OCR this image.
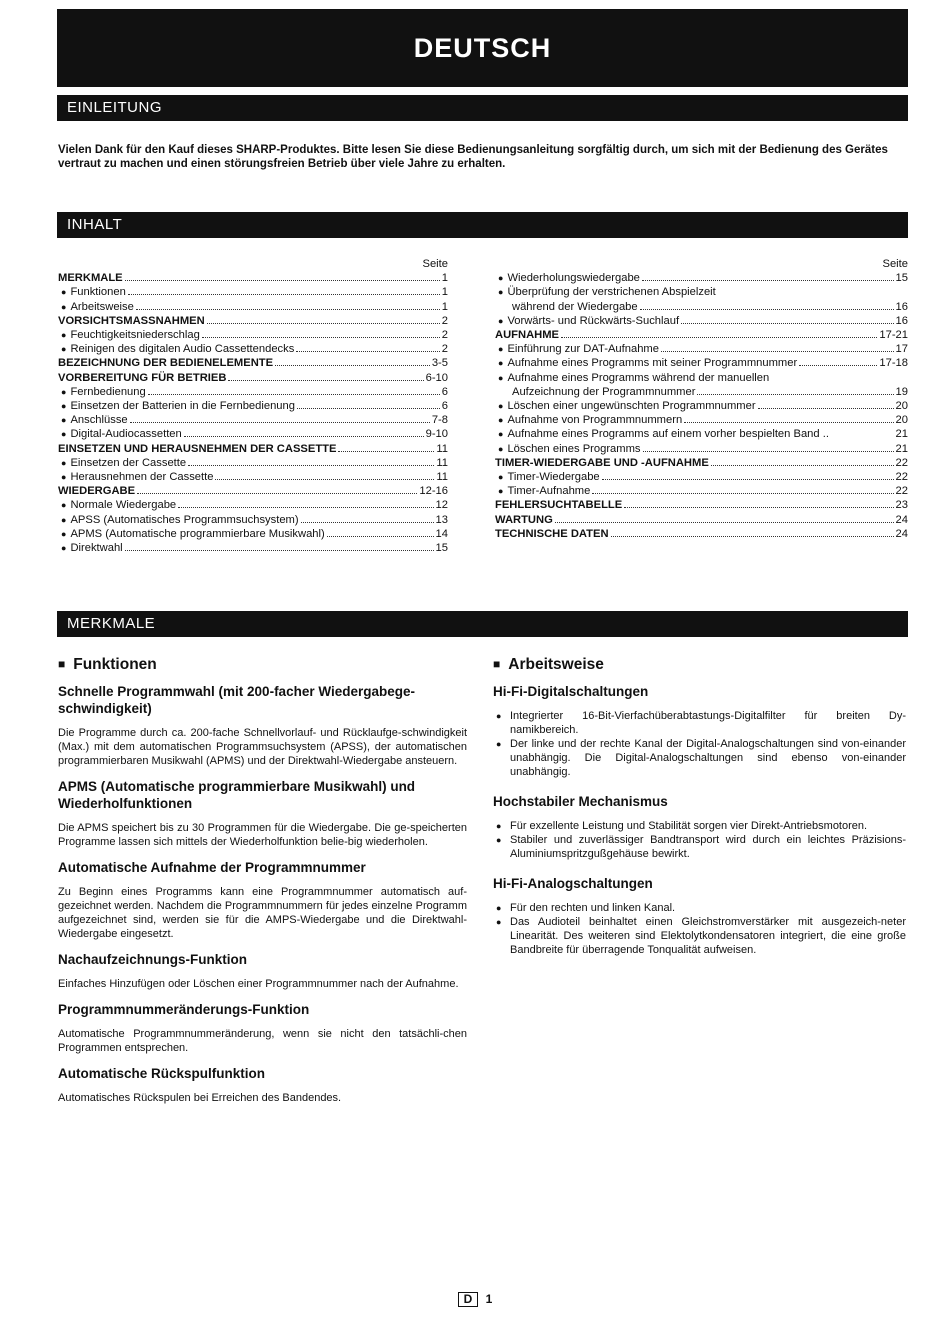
DEUTSCH
EINLEITUNG
Vielen Dank für den Kauf dieses SHARP-Produktes. Bitte lesen Sie diese Bedienungsanleitung sorgfältig durch, um sich mit der Bedienung des Gerätes vertraut zu machen und einen störungsfreien Betrieb über viele Jahre zu erhalten.
INHALT
Seite
MERKMALE	1
● Funktionen	1
● Arbeitsweise	1
VORSICHTSMASSNAHMEN	2
● Feuchtigkeitsniederschlag	2
● Reinigen des digitalen Audio Cassettendecks	2
BEZEICHNUNG DER BEDIENELEMENTE	3-5
VORBEREITUNG FÜR BETRIEB	6-10
● Fernbedienung	6
● Einsetzen der Batterien in die Fernbedienung	6
● Anschlüsse	7-8
● Digital-Audiocassetten	9-10
EINSETZEN UND HERAUSNEHMEN DER CASSETTE	11
● Einsetzen der Cassette	11
● Herausnehmen der Cassette	11
WIEDERGABE	12-16
● Normale Wiedergabe	12
● APSS (Automatisches Programmsuchsystem)	13
● APMS (Automatische programmierbare Musikwahl)	14
● Direktwahl	15
Seite
● Wiederholungswiedergabe	15
● Überprüfung der verstrichenen Abspielzeit
während der Wiedergabe	16
● Vorwärts- und Rückwärts-Suchlauf	16
AUFNAHME	17-21
● Einführung zur DAT-Aufnahme	17
● Aufnahme eines Programms mit seiner Programmnummer	17-18
● Aufnahme eines Programms während der manuellen
Aufzeichnung der Programmnummer	19
● Löschen einer ungewünschten Programmnummer	20
● Aufnahme von Programmnummern	20
● Aufnahme eines Programms auf einem vorher bespielten Band ..	21
● Löschen eines Programms	21
TIMER-WIEDERGABE UND -AUFNAHME	22
● Timer-Wiedergabe	22
● Timer-Aufnahme	22
FEHLERSUCHTABELLE	23
WARTUNG	24
TECHNISCHE DATEN	24
MERKMALE
■ Funktionen
Schnelle Programmwahl (mit 200-facher Wiedergabege-schwindigkeit)
Die Programme durch ca. 200-fache Schnellvorlauf- und Rücklaufge-schwindigkeit (Max.) mit dem automatischen Programmsuchsystem (APSS), der automatischen programmierbaren Musikwahl (APMS) und der Direktwahl-Wiedergabe ansteuern.
APMS (Automatische programmierbare Musikwahl) und Wiederholfunktionen
Die APMS speichert bis zu 30 Programmen für die Wiedergabe. Die ge-speicherten Programme lassen sich mittels der Wiederholfunktion belie-big wiederholen.
Automatische Aufnahme der Programmnummer
Zu Beginn eines Programms kann eine Programmnummer automatisch auf-gezeichnet werden. Nachdem die Programmnummern für jedes einzelne Programm aufgezeichnet sind, werden sie für die AMPS-Wiedergabe und die Direktwahl-Wiedergabe eingesetzt.
Nachaufzeichnungs-Funktion
Einfaches Hinzufügen oder Löschen einer Programmnummer nach der Aufnahme.
Programmnummeränderungs-Funktion
Automatische Programmnummeränderung, wenn sie nicht den tatsächli-chen Programmen entsprechen.
Automatische Rückspulfunktion
Automatisches Rückspulen bei Erreichen des Bandendes.
■ Arbeitsweise
Hi-Fi-Digitalschaltungen
● Integrierter 16-Bit-Vierfachüberabtastungs-Digitalfilter für breiten Dy-namikbereich.
● Der linke und der rechte Kanal der Digital-Analogschaltungen sind von-einander unabhängig. Die Digital-Analogschaltungen sind ebenso von-einander unabhängig.
Hochstabiler Mechanismus
● Für exzellente Leistung und Stabilität sorgen vier Direkt-Antriebsmotoren.
● Stabiler und zuverlässiger Bandtransport wird durch ein leichtes Präzisions-Aluminiumspritzgußgehäuse bewirkt.
Hi-Fi-Analogschaltungen
● Für den rechten und linken Kanal.
● Das Audioteil beinhaltet einen Gleichstromverstärker mit ausgezeich-neter Linearität. Des weiteren sind Elektolytkondensatoren integriert, die eine große Bandbreite für überragende Tonqualität aufweisen.
D 1
